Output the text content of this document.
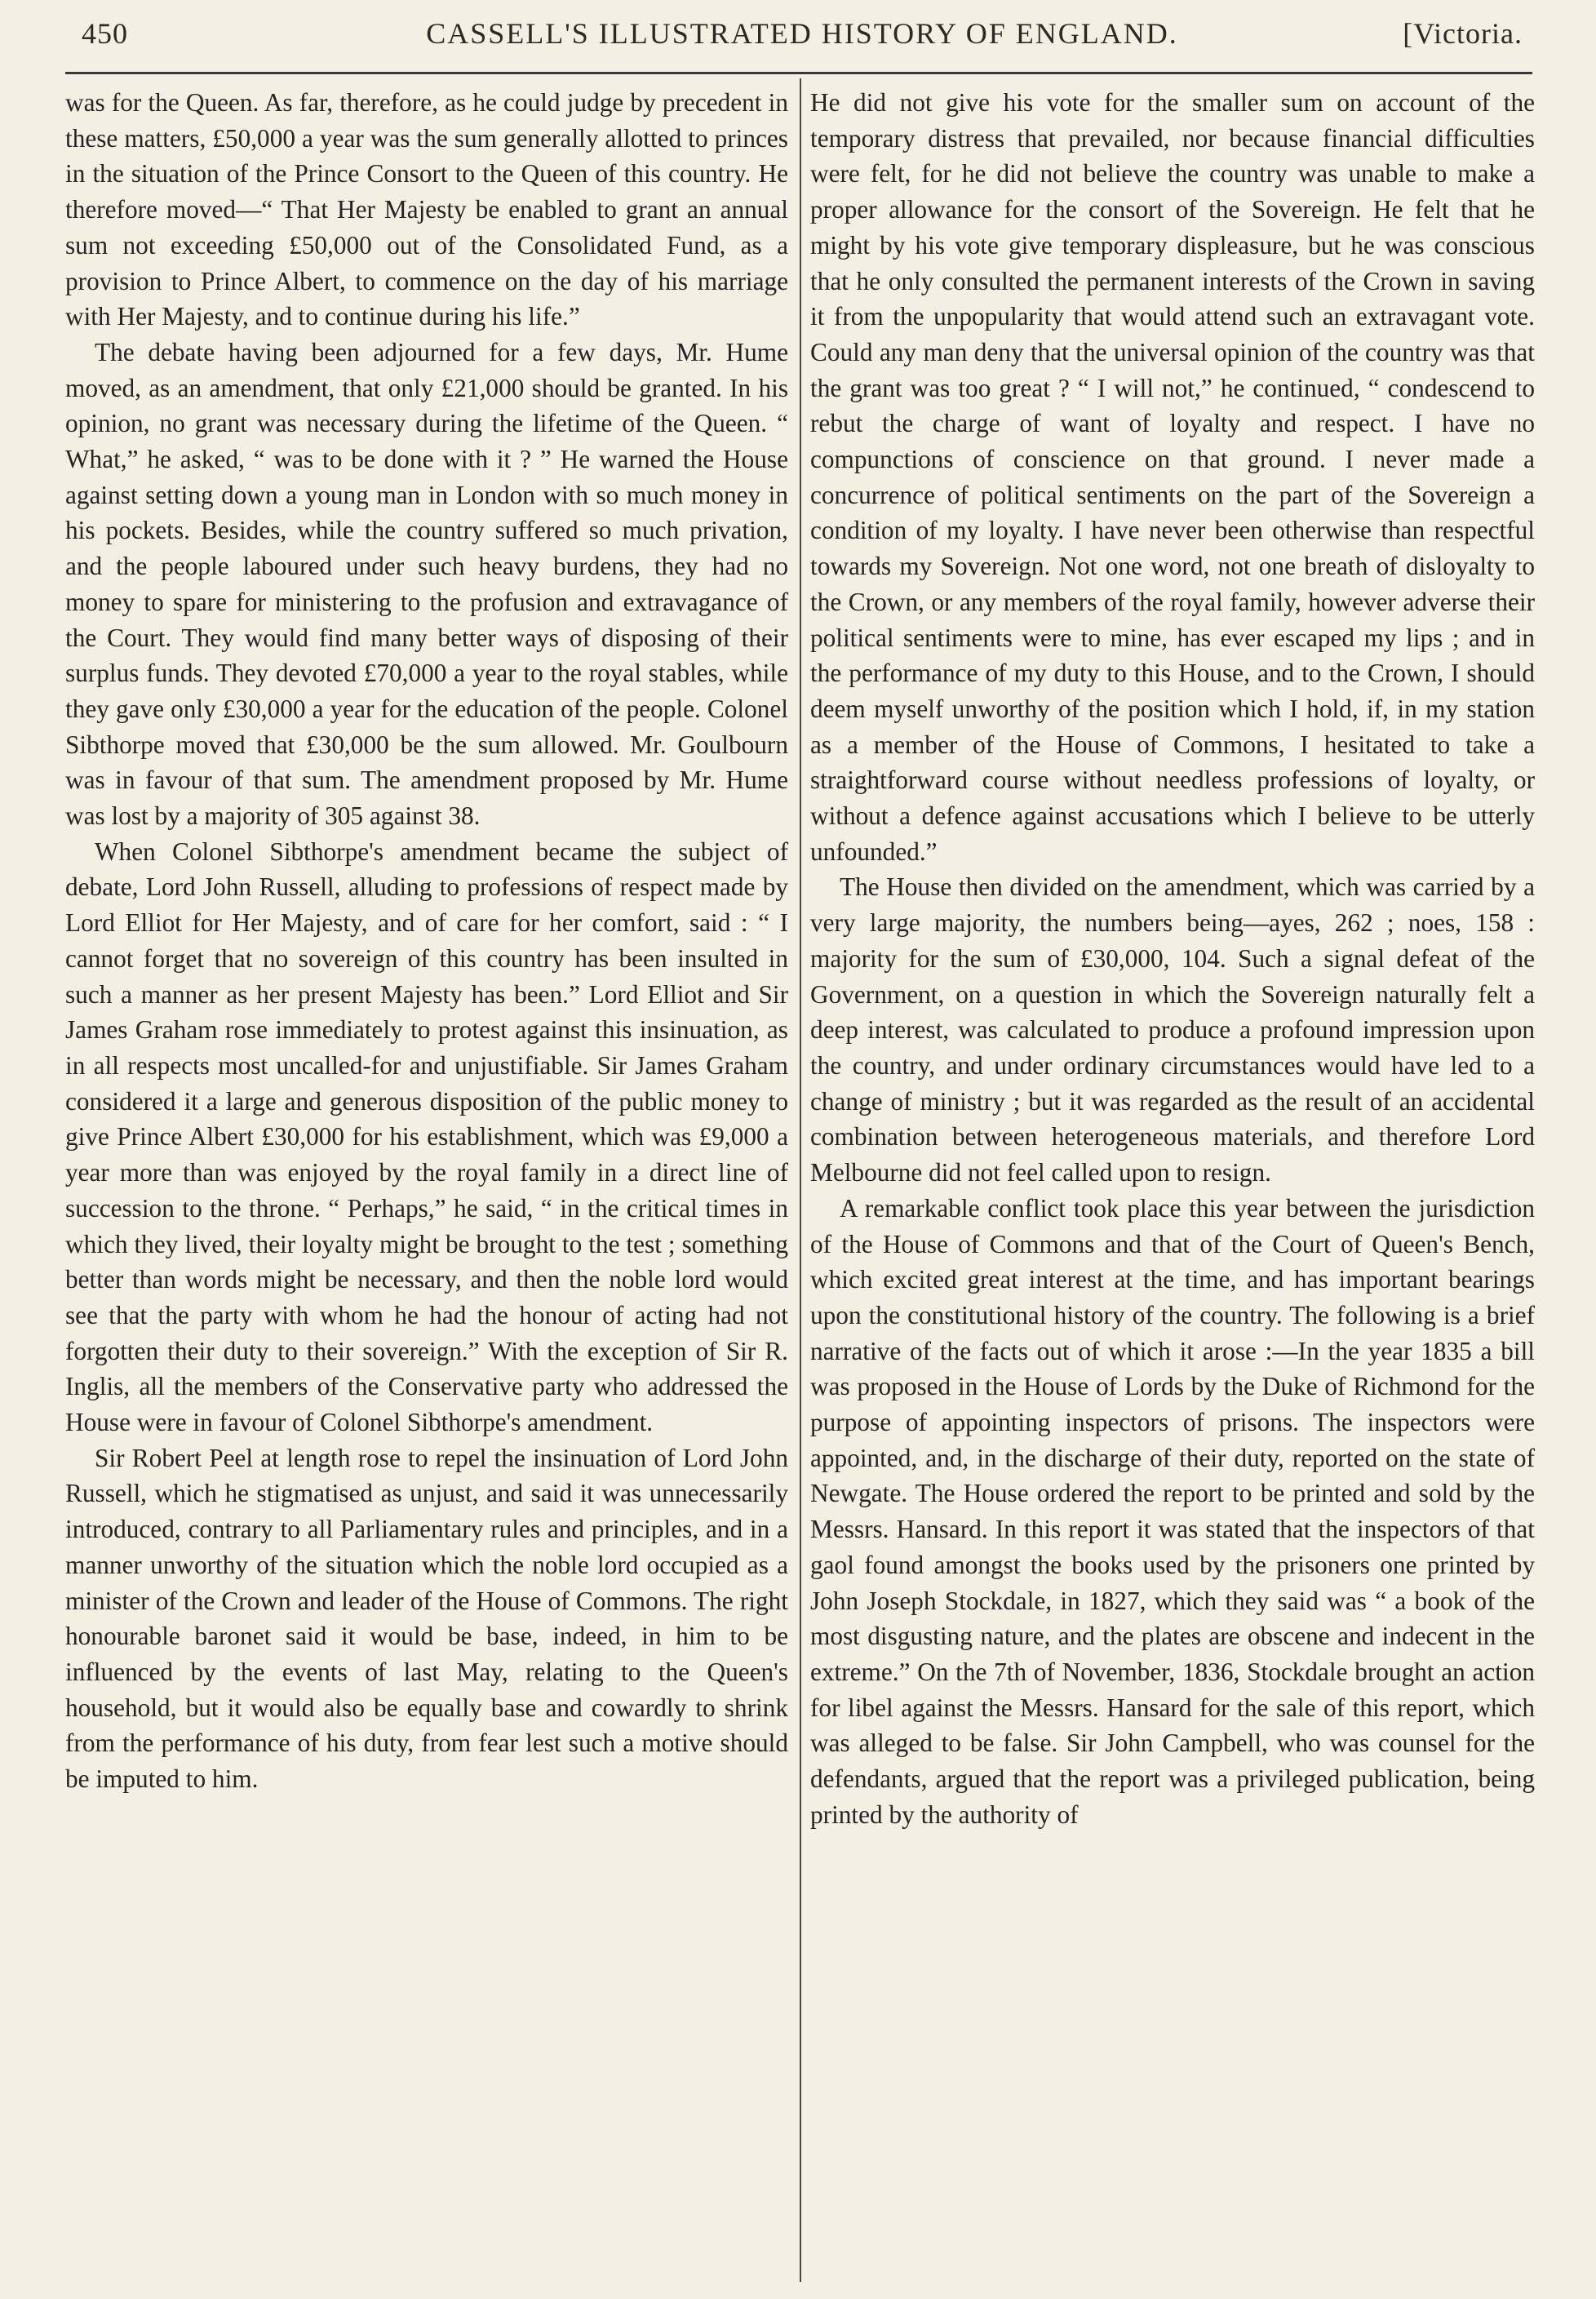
450	CASSELL'S ILLUSTRATED HISTORY OF ENGLAND.	[Victoria.

was for the Queen. As far, therefore, as he could judge by precedent in these matters, £50,000 a year was the sum generally allotted to princes in the situation of the Prince Consort to the Queen of this country. He therefore moved—“ That Her Majesty be enabled to grant an annual sum not exceeding £50,000 out of the Consolidated Fund, as a provision to Prince Albert, to commence on the day of his marriage with Her Majesty, and to continue during his life.”

The debate having been adjourned for a few days, Mr. Hume moved, as an amendment, that only £21,000 should be granted. In his opinion, no grant was necessary during the lifetime of the Queen. “ What,” he asked, “ was to be done with it ? ” He warned the House against setting down a young man in London with so much money in his pockets. Besides, while the country suffered so much privation, and the people laboured under such heavy burdens, they had no money to spare for ministering to the profusion and extravagance of the Court. They would find many better ways of disposing of their surplus funds. They devoted £70,000 a year to the royal stables, while they gave only £30,000 a year for the education of the people. Colonel Sibthorpe moved that £30,000 be the sum allowed. Mr. Goulbourn was in favour of that sum. The amendment proposed by Mr. Hume was lost by a majority of 305 against 38.

When Colonel Sibthorpe's amendment became the subject of debate, Lord John Russell, alluding to professions of respect made by Lord Elliot for Her Majesty, and of care for her comfort, said : “ I cannot forget that no sovereign of this country has been insulted in such a manner as her present Majesty has been.” Lord Elliot and Sir James Graham rose immediately to protest against this insinuation, as in all respects most uncalled-for and unjustifiable. Sir James Graham considered it a large and generous disposition of the public money to give Prince Albert £30,000 for his establishment, which was £9,000 a year more than was enjoyed by the royal family in a direct line of succession to the throne. “ Perhaps,” he said, “ in the critical times in which they lived, their loyalty might be brought to the test ; something better than words might be necessary, and then the noble lord would see that the party with whom he had the honour of acting had not forgotten their duty to their sovereign.” With the exception of Sir R. Inglis, all the members of the Conservative party who addressed the House were in favour of Colonel Sibthorpe's amendment.

Sir Robert Peel at length rose to repel the insinuation of Lord John Russell, which he stigmatised as unjust, and said it was unnecessarily introduced, contrary to all Parliamentary rules and principles, and in a manner unworthy of the situation which the noble lord occupied as a minister of the Crown and leader of the House of Commons. The right honourable baronet said it would be base, indeed, in him to be influenced by the events of last May, relating to the Queen's household, but it would also be equally base and cowardly to shrink from the performance of his duty, from fear lest such a motive should be imputed to him.

He did not give his vote for the smaller sum on account of the temporary distress that prevailed, nor because financial difficulties were felt, for he did not believe the country was unable to make a proper allowance for the consort of the Sovereign. He felt that he might by his vote give temporary displeasure, but he was conscious that he only consulted the permanent interests of the Crown in saving it from the unpopularity that would attend such an extravagant vote. Could any man deny that the universal opinion of the country was that the grant was too great ? “ I will not,” he continued, “ condescend to rebut the charge of want of loyalty and respect. I have no compunctions of conscience on that ground. I never made a concurrence of political sentiments on the part of the Sovereign a condition of my loyalty. I have never been otherwise than respectful towards my Sovereign. Not one word, not one breath of disloyalty to the Crown, or any members of the royal family, however adverse their political sentiments were to mine, has ever escaped my lips ; and in the performance of my duty to this House, and to the Crown, I should deem myself unworthy of the position which I hold, if, in my station as a member of the House of Commons, I hesitated to take a straightforward course without needless professions of loyalty, or without a defence against accusations which I believe to be utterly unfounded.”

The House then divided on the amendment, which was carried by a very large majority, the numbers being—ayes, 262 ; noes, 158 : majority for the sum of £30,000, 104. Such a signal defeat of the Government, on a question in which the Sovereign naturally felt a deep interest, was calculated to produce a profound impression upon the country, and under ordinary circumstances would have led to a change of ministry ; but it was regarded as the result of an accidental combination between heterogeneous materials, and therefore Lord Melbourne did not feel called upon to resign.

A remarkable conflict took place this year between the jurisdiction of the House of Commons and that of the Court of Queen's Bench, which excited great interest at the time, and has important bearings upon the constitutional history of the country. The following is a brief narrative of the facts out of which it arose :—In the year 1835 a bill was proposed in the House of Lords by the Duke of Richmond for the purpose of appointing inspectors of prisons. The inspectors were appointed, and, in the discharge of their duty, reported on the state of Newgate. The House ordered the report to be printed and sold by the Messrs. Hansard. In this report it was stated that the inspectors of that gaol found amongst the books used by the prisoners one printed by John Joseph Stockdale, in 1827, which they said was “ a book of the most disgusting nature, and the plates are obscene and indecent in the extreme.” On the 7th of November, 1836, Stockdale brought an action for libel against the Messrs. Hansard for the sale of this report, which was alleged to be false. Sir John Campbell, who was counsel for the defendants, argued that the report was a privileged publication, being printed by the authority of
